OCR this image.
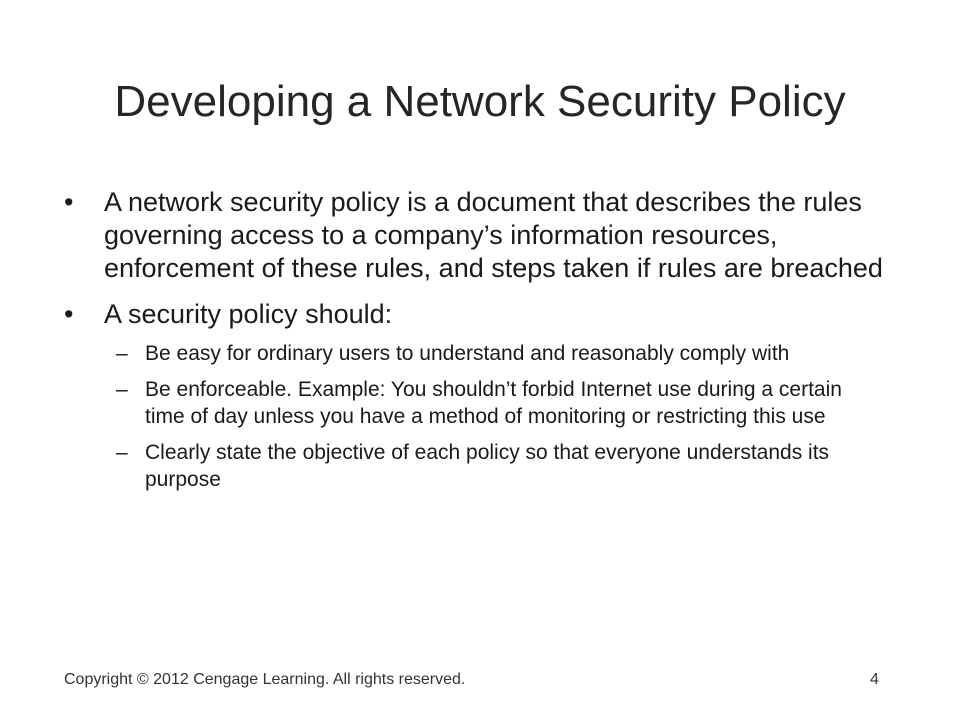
Developing a Network Security Policy
•	A network security policy is a document that describes the rules governing access to a company’s information resources, enforcement of these rules, and steps taken if rules are breached
•	A security policy should:
– Be easy for ordinary users to understand and reasonably comply with
– Be enforceable. Example: You shouldn’t forbid Internet use during a certain time of day unless you have a method of monitoring or restricting this use
– Clearly state the objective of each policy so that everyone understands its purpose
Copyright © 2012 Cengage Learning. All rights reserved.	4
